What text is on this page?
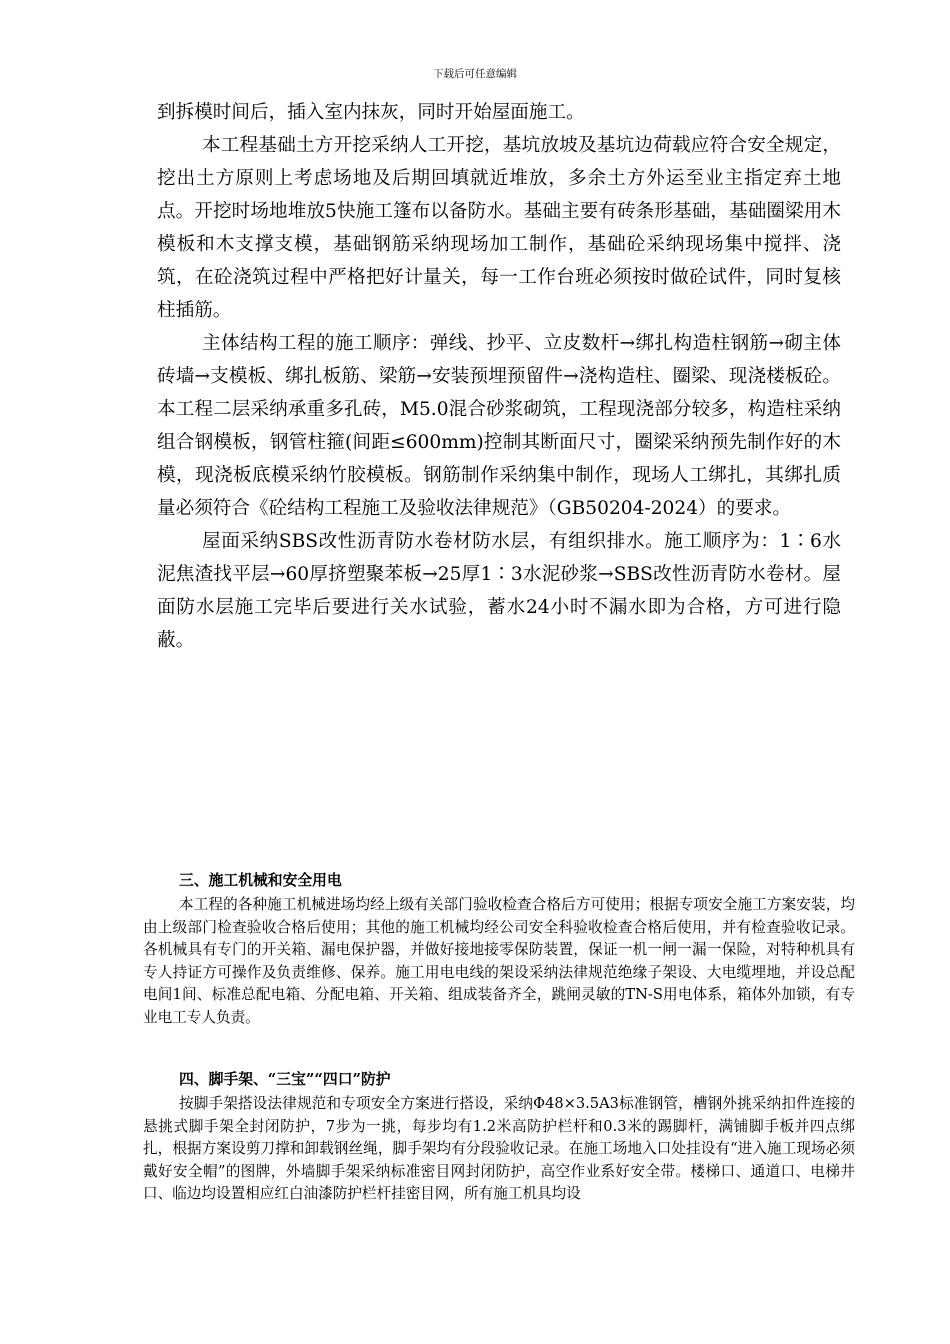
下载后可任意编辑

到拆模时间后，插入室内抹灰，同时开始屋面施工。

本工程基础土方开挖采纳人工开挖，基坑放坡及基坑边荷载应符合安全规定，挖出土方原则上考虑场地及后期回填就近堆放，多余土方外运至业主指定弃土地点。开挖时场地堆放5快施工篷布以备防水。基础主要有砖条形基础，基础圈梁用木模板和木支撑支模，基础钢筋采纳现场加工制作，基础砼采纳现场集中搅拌、浇筑，在砼浇筑过程中严格把好计量关，每一工作台班必须按时做砼试件，同时复核柱插筋。

主体结构工程的施工顺序：弹线、抄平、立皮数杆→绑扎构造柱钢筋→砌主体砖墙→支模板、绑扎板筋、梁筋→安装预埋预留件→浇构造柱、圈梁、现浇楼板砼。本工程二层采纳承重多孔砖，M5.0混合砂浆砌筑，工程现浇部分较多，构造柱采纳组合钢模板，钢管柱箍(间距≤600mm)控制其断面尺寸，圈梁采纳预先制作好的木模，现浇板底模采纳竹胶模板。钢筋制作采纳集中制作，现场人工绑扎，其绑扎质量必须符合《砼结构工程施工及验收法律规范》（GB50204-2024）的要求。

屋面采纳SBS改性沥青防水卷材防水层，有组织排水。施工顺序为：1∶6水泥焦渣找平层→60厚挤塑聚苯板→25厚1∶3水泥砂浆→SBS改性沥青防水卷材。屋面防水层施工完毕后要进行关水试验，蓄水24小时不漏水即为合格，方可进行隐蔽。

三、施工机械和安全用电

本工程的各种施工机械进场均经上级有关部门验收检查合格后方可使用；根据专项安全施工方案安装，均由上级部门检查验收合格后使用；其他的施工机械均经公司安全科验收检查合格后使用，并有检查验收记录。各机械具有专门的开关箱、漏电保护器，并做好接地接零保防装置，保证一机一闸一漏一保险，对特种机具有专人持证方可操作及负责维修、保养。施工用电电线的架设采纳法律规范绝缘子架设、大电缆埋地，并设总配电间1间、标准总配电箱、分配电箱、开关箱、组成装备齐全，跳闸灵敏的TN-S用电体系，箱体外加锁，有专业电工专人负责。

四、脚手架、“三宝”“四口”防护

按脚手架搭设法律规范和专项安全方案进行搭设，采纳Φ48×3.5A3标准钢管，槽钢外挑采纳扣件连接的悬挑式脚手架全封闭防护，7步为一挑，每步均有1.2米高防护栏杆和0.3米的踢脚杆，满铺脚手板并四点绑扎，根据方案设剪刀撑和卸载钢丝绳，脚手架均有分段验收记录。在施工场地入口处挂设有“进入施工现场必须戴好安全帽”的图牌，外墙脚手架采纳标准密目网封闭防护，高空作业系好安全带。楼梯口、通道口、电梯井口、临边均设置相应红白油漆防护栏杆挂密目网，所有施工机具均设
